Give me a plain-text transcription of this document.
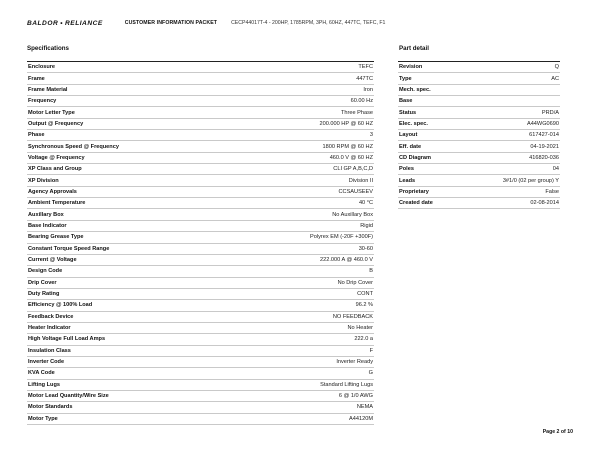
BALDOR • RELIANCE	CUSTOMER INFORMATION PACKET	CECP44017T-4 - 200HP, 1785RPM, 3PH, 60HZ, 447TC, TEFC, F1
Specifications	Part detail
Enclosure	TEFC
Frame	447TC
Frame Material	Iron
Frequency	60.00 Hz
Motor Letter Type	Three Phase
Output @ Frequency	200.000 HP @ 60 HZ
Phase	3
Synchronous Speed @ Frequency	1800 RPM @ 60 HZ
Voltage @ Frequency	460.0 V @ 60 HZ
XP Class and Group	CLI GP A,B,C,D
XP Division	Division II
Agency Approvals	CCSAUSEEV
Ambient Temperature	40 °C
Auxillary Box	No Auxillary Box
Base Indicator	Rigid
Bearing Grease Type	Polyrex EM (-20F +300F)
Constant Torque Speed Range	30-60
Current @ Voltage	222.000 A @ 460.0 V
Design Code	B
Drip Cover	No Drip Cover
Duty Rating	CONT
Efficiency @ 100% Load	96.2 %
Feedback Device	NO FEEDBACK
Heater Indicator	No Heater
High Voltage Full Load Amps	222.0 a
Insulation Class	F
Inverter Code	Inverter Ready
KVA Code	G
Lifting Lugs	Standard Lifting Lugs
Motor Lead Quantity/Wire Size	6 @ 1/0 AWG
Motor Standards	NEMA
Motor Type	A44120M
Revision	Q
Type	AC
Mech. spec.	
Base	
Status	PRD/A
Elec. spec.	A44WG0690
Layout	617427-014
Eff. date	04-19-2021
CD Diagram	416820-036
Poles	04
Leads	3#1/0 (02 per group) Y
Proprietary	False
Created date	02-08-2014
Page 2 of 10
